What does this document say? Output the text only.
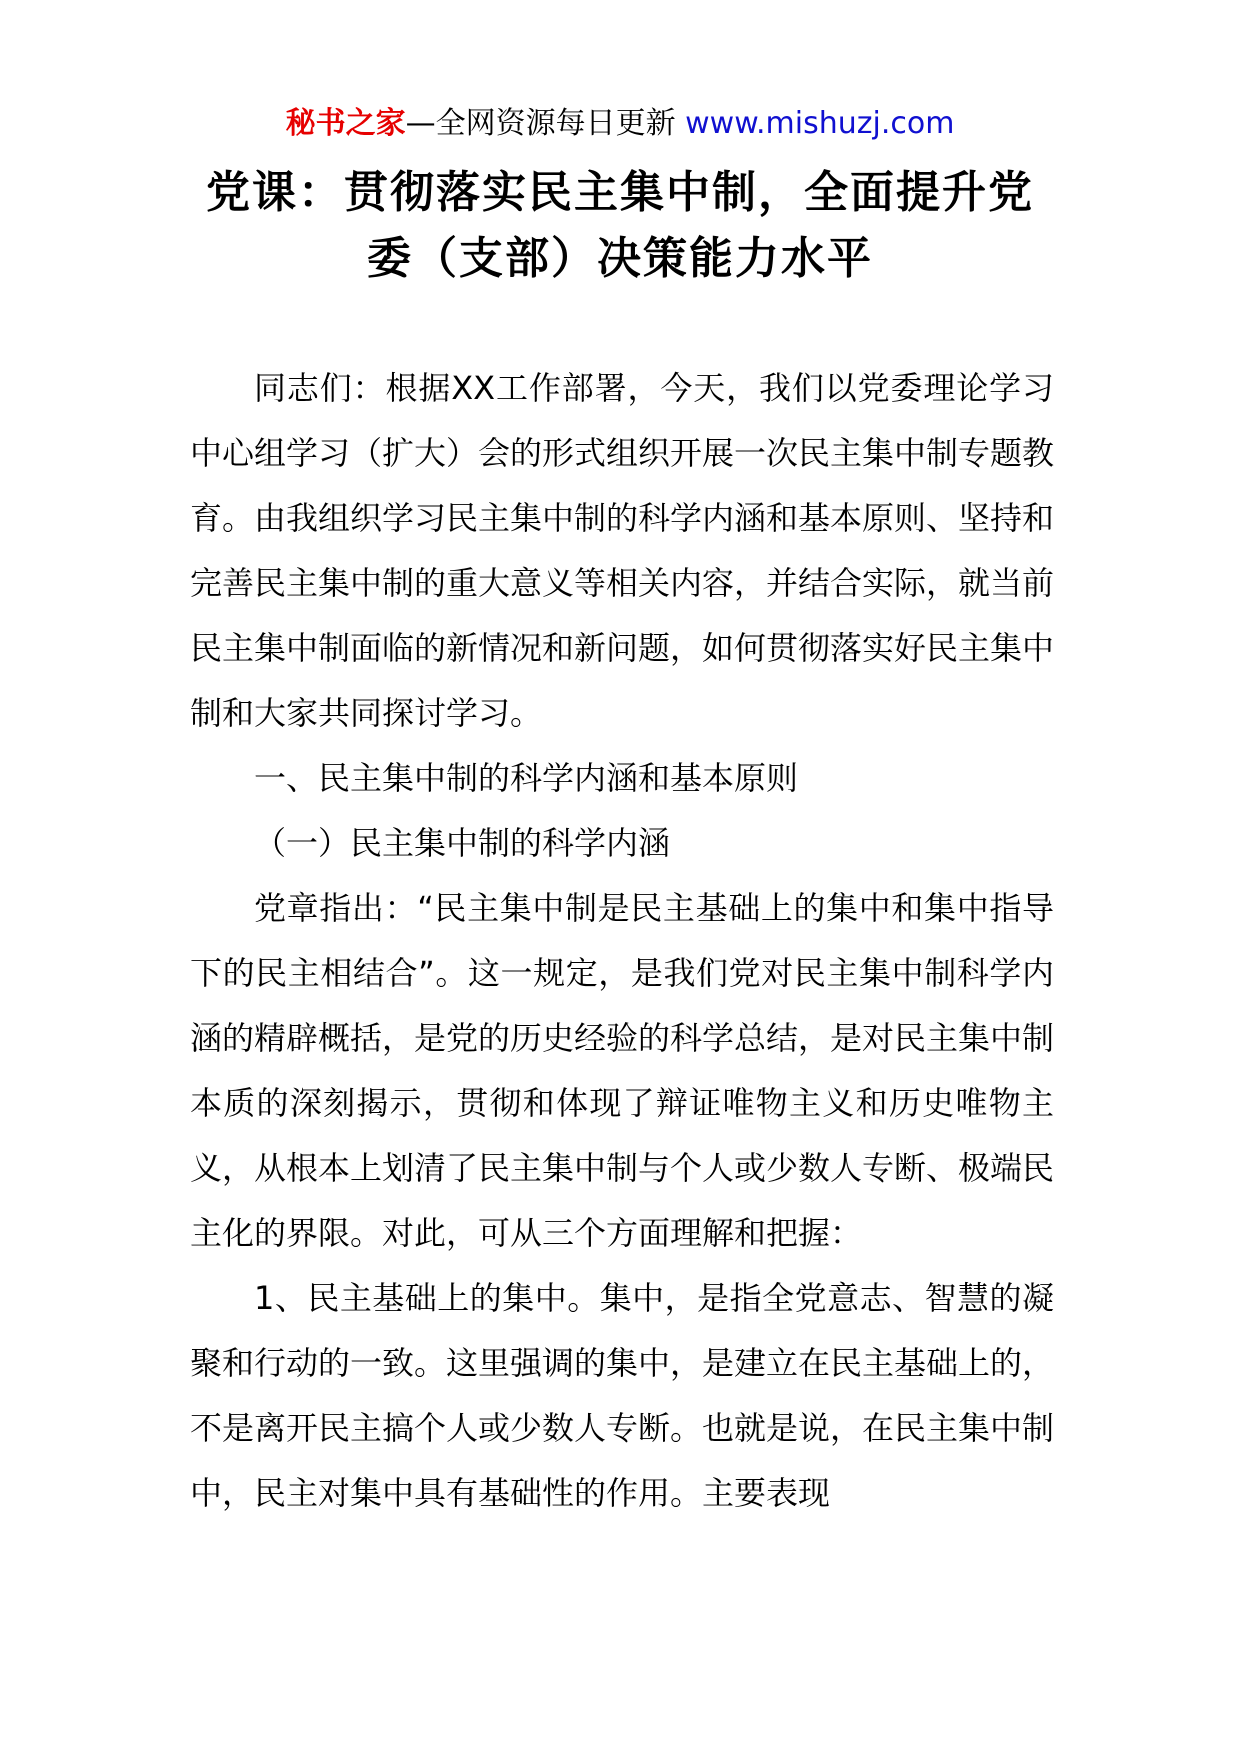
秘书之家—全网资源每日更新 www.mishuzj.com
党课：贯彻落实民主集中制，全面提升党委（支部）决策能力水平

同志们：根据XX工作部署，今天，我们以党委理论学习中心组学习（扩大）会的形式组织开展一次民主集中制专题教育。由我组织学习民主集中制的科学内涵和基本原则、坚持和完善民主集中制的重大意义等相关内容，并结合实际，就当前民主集中制面临的新情况和新问题，如何贯彻落实好民主集中制和大家共同探讨学习。

一、民主集中制的科学内涵和基本原则

（一）民主集中制的科学内涵

党章指出：“民主集中制是民主基础上的集中和集中指导下的民主相结合”。这一规定，是我们党对民主集中制科学内涵的精辟概括，是党的历史经验的科学总结，是对民主集中制本质的深刻揭示，贯彻和体现了辩证唯物主义和历史唯物主义，从根本上划清了民主集中制与个人或少数人专断、极端民主化的界限。对此，可从三个方面理解和把握：

1、民主基础上的集中。集中，是指全党意志、智慧的凝聚和行动的一致。这里强调的集中，是建立在民主基础上的，不是离开民主搞个人或少数人专断。也就是说，在民主集中制中，民主对集中具有基础性的作用。主要表现
